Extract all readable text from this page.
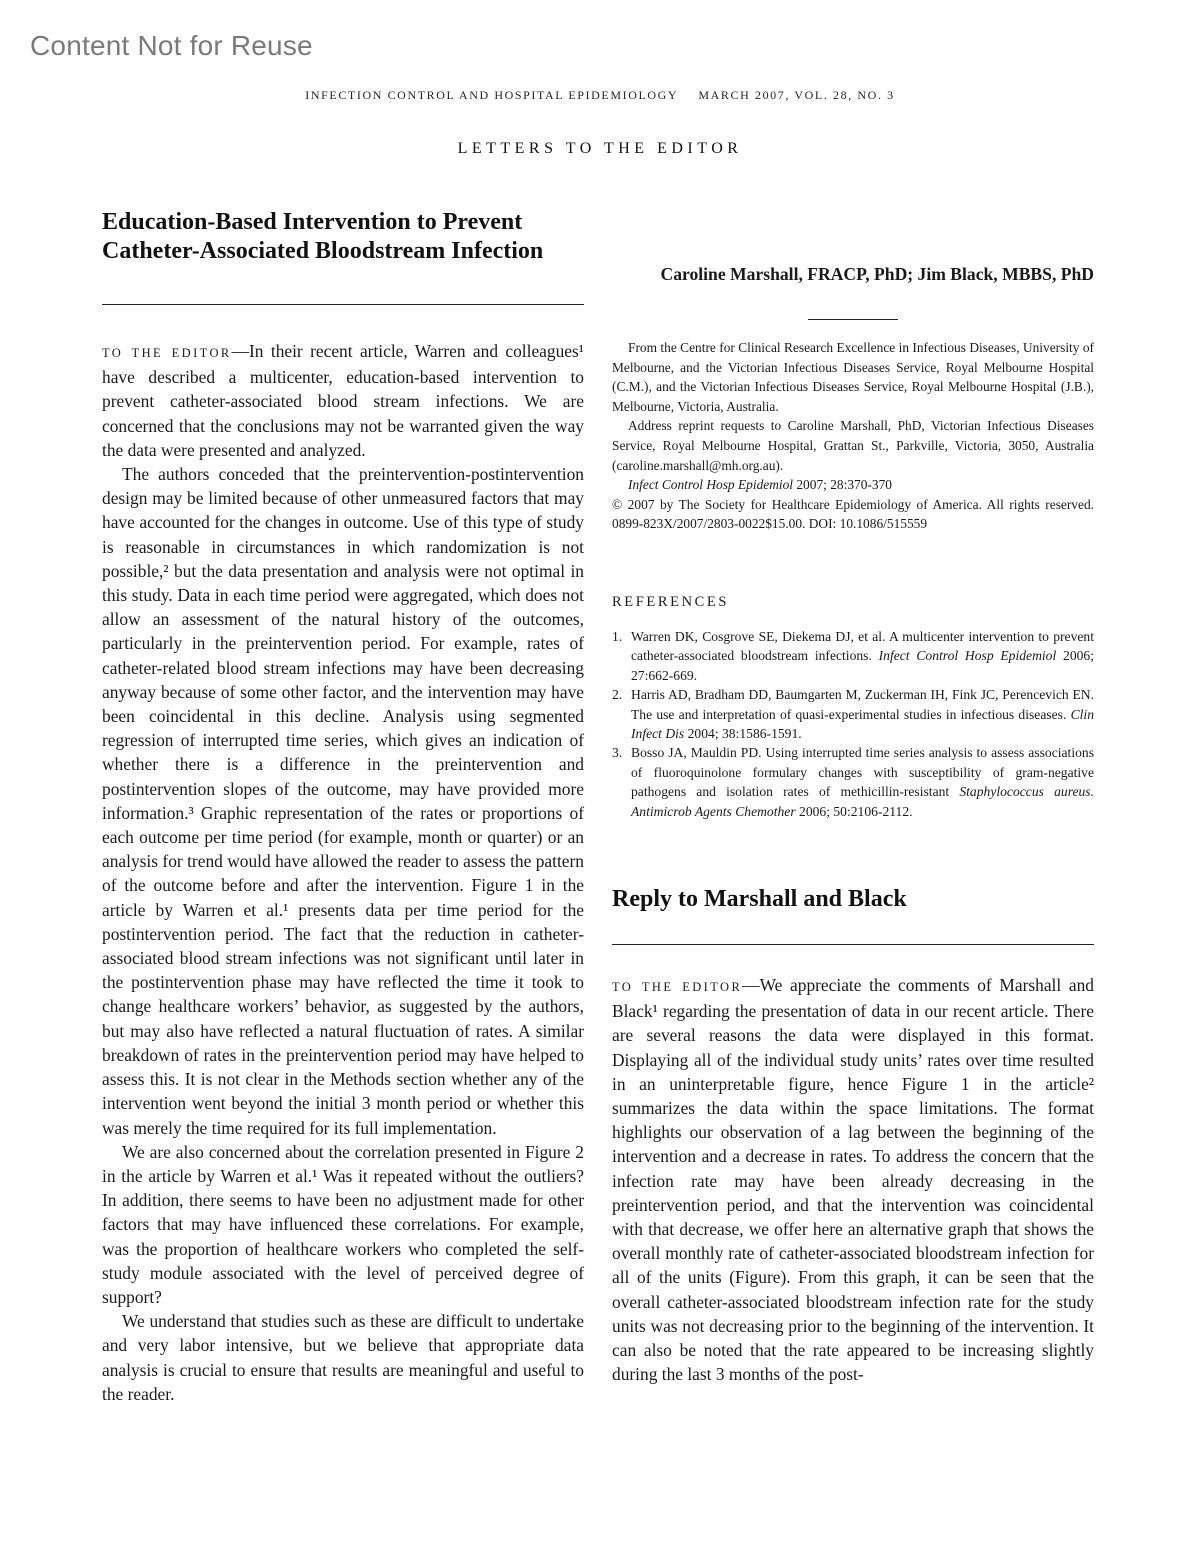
Content Not for Reuse
INFECTION CONTROL AND HOSPITAL EPIDEMIOLOGY MARCH 2007, VOL. 28, NO. 3
LETTERS TO THE EDITOR
Education-Based Intervention to Prevent
Catheter-Associated Bloodstream Infection

TO THE EDITOR—In their recent article, Warren and colleagues¹ have described a multicenter, education-based intervention to prevent catheter-associated blood stream infections. We are concerned that the conclusions may not be warranted given the way the data were presented and analyzed.

The authors conceded that the preintervention-postintervention design may be limited because of other unmeasured factors that may have accounted for the changes in outcome. Use of this type of study is reasonable in circumstances in which randomization is not possible,² but the data presentation and analysis were not optimal in this study. Data in each time period were aggregated, which does not allow an assessment of the natural history of the outcomes, particularly in the preintervention period. For example, rates of catheter-related blood stream infections may have been decreasing anyway because of some other factor, and the intervention may have been coincidental in this decline. Analysis using segmented regression of interrupted time series, which gives an indication of whether there is a difference in the preintervention and postintervention slopes of the outcome, may have provided more information.³ Graphic representation of the rates or proportions of each outcome per time period (for example, month or quarter) or an analysis for trend would have allowed the reader to assess the pattern of the outcome before and after the intervention. Figure 1 in the article by Warren et al.¹ presents data per time period for the postintervention period. The fact that the reduction in catheter-associated blood stream infections was not significant until later in the postintervention phase may have reflected the time it took to change healthcare workers’ behavior, as suggested by the authors, but may also have reflected a natural fluctuation of rates. A similar breakdown of rates in the preintervention period may have helped to assess this. It is not clear in the Methods section whether any of the intervention went beyond the initial 3 month period or whether this was merely the time required for its full implementation.

We are also concerned about the correlation presented in Figure 2 in the article by Warren et al.¹ Was it repeated without the outliers? In addition, there seems to have been no adjustment made for other factors that may have influenced these correlations. For example, was the proportion of healthcare workers who completed the self-study module associated with the level of perceived degree of support?

We understand that studies such as these are difficult to undertake and very labor intensive, but we believe that appropriate data analysis is crucial to ensure that results are meaningful and useful to the reader.

Caroline Marshall, FRACP, PhD; Jim Black, MBBS, PhD

From the Centre for Clinical Research Excellence in Infectious Diseases, University of Melbourne, and the Victorian Infectious Diseases Service, Royal Melbourne Hospital (C.M.), and the Victorian Infectious Diseases Service, Royal Melbourne Hospital (J.B.), Melbourne, Victoria, Australia.

Address reprint requests to Caroline Marshall, PhD, Victorian Infectious Diseases Service, Royal Melbourne Hospital, Grattan St., Parkville, Victoria, 3050, Australia (caroline.marshall@mh.org.au).

Infect Control Hosp Epidemiol 2007; 28:370-370

© 2007 by The Society for Healthcare Epidemiology of America. All rights reserved. 0899-823X/2007/2803-0022$15.00. DOI: 10.1086/515559

REFERENCES

1. Warren DK, Cosgrove SE, Diekema DJ, et al. A multicenter intervention to prevent catheter-associated bloodstream infections. Infect Control Hosp Epidemiol 2006; 27:662-669.
2. Harris AD, Bradham DD, Baumgarten M, Zuckerman IH, Fink JC, Perencevich EN. The use and interpretation of quasi-experimental studies in infectious diseases. Clin Infect Dis 2004; 38:1586-1591.
3. Bosso JA, Mauldin PD. Using interrupted time series analysis to assess associations of fluoroquinolone formulary changes with susceptibility of gram-negative pathogens and isolation rates of methicillin-resistant Staphylococcus aureus. Antimicrob Agents Chemother 2006; 50:2106-2112.
Reply to Marshall and Black

TO THE EDITOR—We appreciate the comments of Marshall and Black¹ regarding the presentation of data in our recent article. There are several reasons the data were displayed in this format. Displaying all of the individual study units’ rates over time resulted in an uninterpretable figure, hence Figure 1 in the article² summarizes the data within the space limitations. The format highlights our observation of a lag between the beginning of the intervention and a decrease in rates. To address the concern that the infection rate may have been already decreasing in the preintervention period, and that the intervention was coincidental with that decrease, we offer here an alternative graph that shows the overall monthly rate of catheter-associated bloodstream infection for all of the units (Figure). From this graph, it can be seen that the overall catheter-associated bloodstream infection rate for the study units was not decreasing prior to the beginning of the intervention. It can also be noted that the rate appeared to be increasing slightly during the last 3 months of the post-
